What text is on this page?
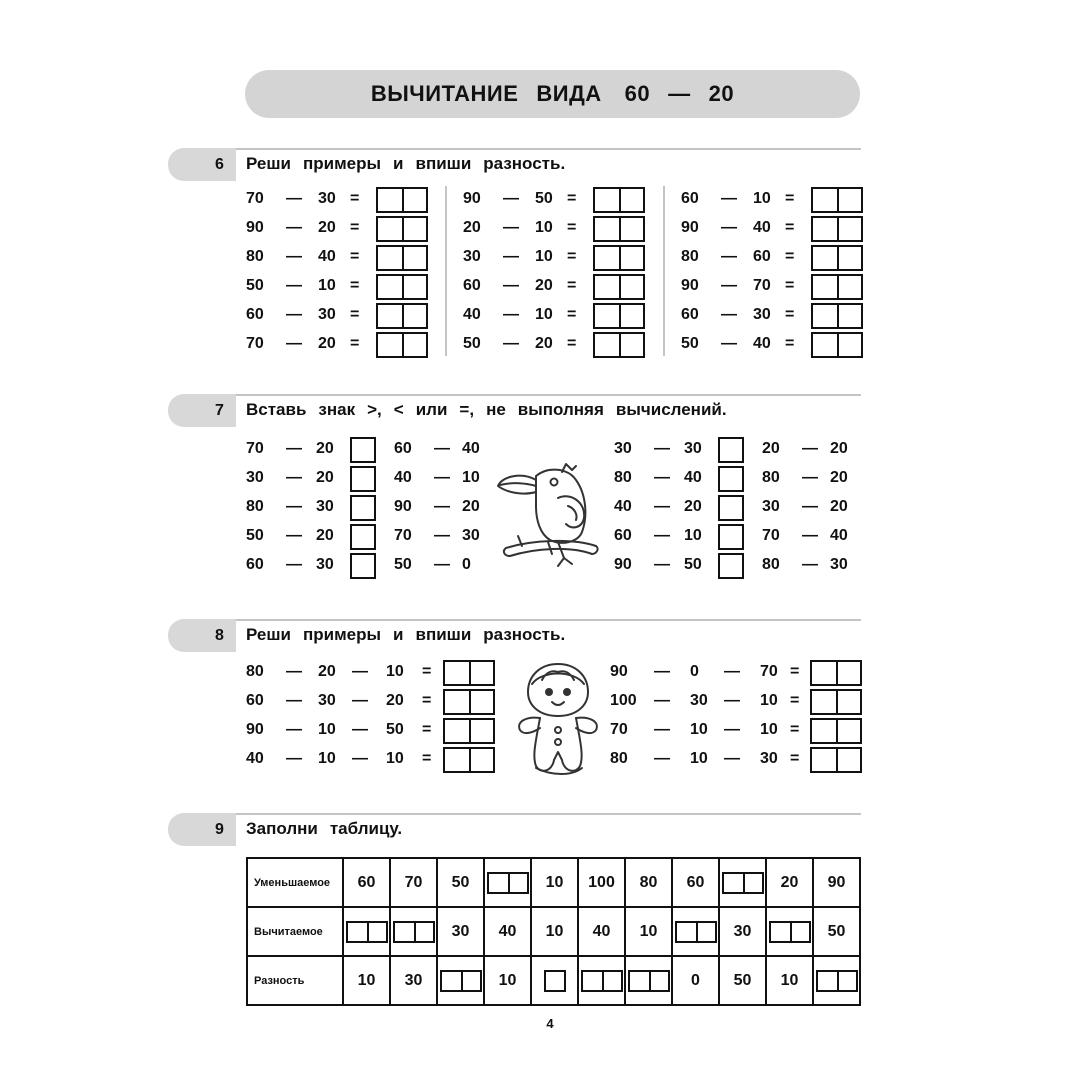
ВЫЧИТАНИЕ ВИДА 60 — 20
6 Реши примеры и впиши разность.
70 — 30 =
90 — 20 =
80 — 40 =
50 — 10 =
60 — 30 =
70 — 20 =
90 — 50 =
20 — 10 =
30 — 10 =
60 — 20 =
40 — 10 =
50 — 20 =
60 — 10 =
90 — 40 =
80 — 60 =
90 — 70 =
60 — 30 =
50 — 40 =
7 Вставь знак >, < или =, не выполняя вычислений.
70 — 20	60 — 40
30 — 20	40 — 10
80 — 30	90 — 20
50 — 20	70 — 30
60 — 30	50 — 0
30 — 30	20 — 20
80 — 40	80 — 20
40 — 20	30 — 20
60 — 10	70 — 40
90 — 50	80 — 30
8 Реши примеры и впиши разность.
80 — 20 — 10 =
60 — 30 — 20 =
90 — 10 — 50 =
40 — 10 — 10 =
90 — 0 — 70 =
100 — 30 — 10 =
70 — 10 — 10 =
80 — 10 — 30 =
9 Заполни таблицу.
Уменьшаемое	60	70	50		10	100	80	60		20	90
Вычитаемое			30	40	10	40	10		30		50
Разность	10	30		10				0	50	10	
4
